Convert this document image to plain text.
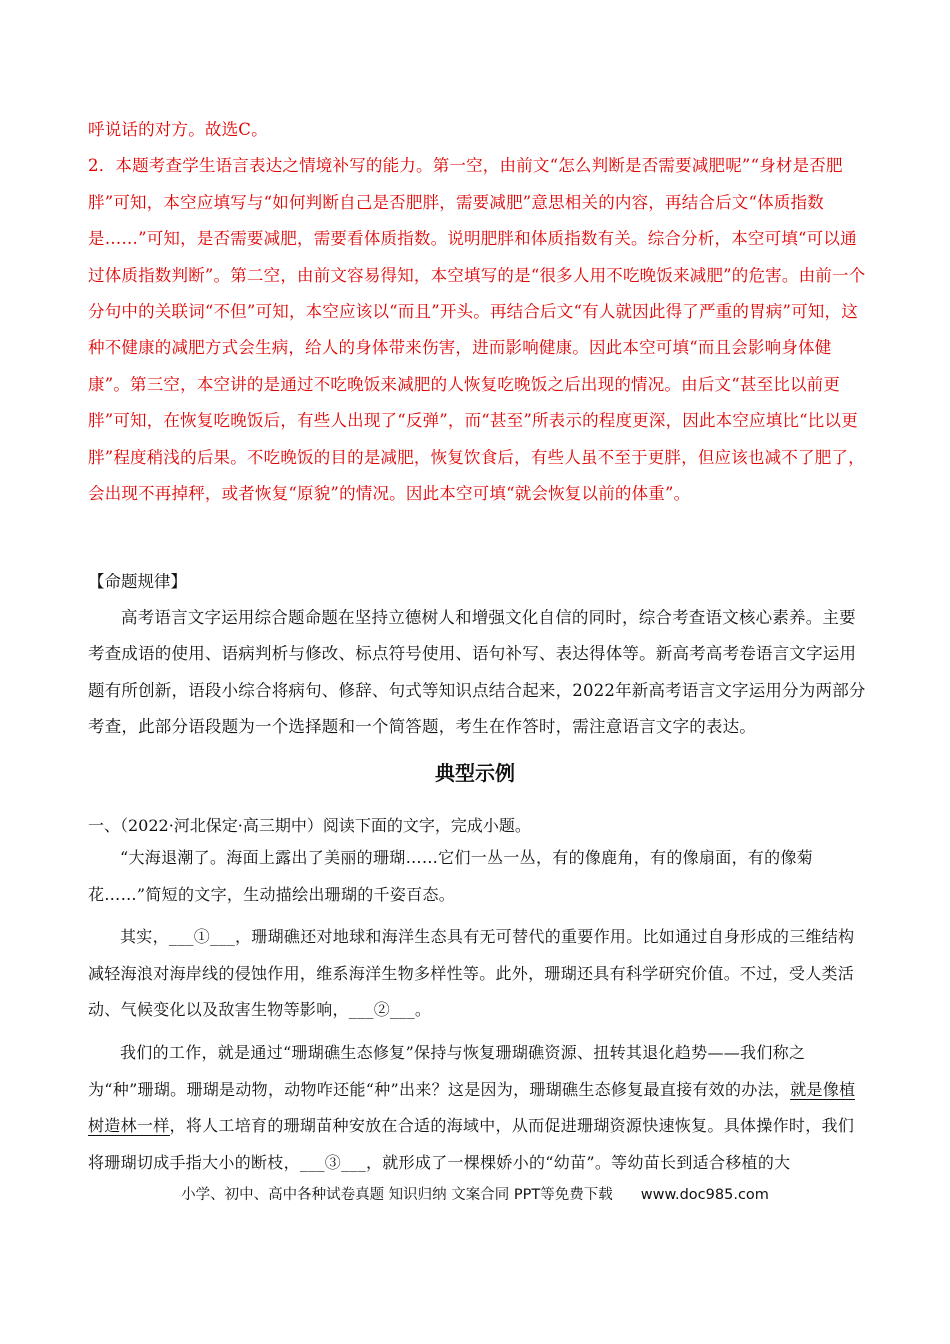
呼说话的对方。故选C。

2．本题考查学生语言表达之情境补写的能力。第一空，由前文“怎么判断是否需要减肥呢”“身材是否肥胖”可知，本空应填写与“如何判断自己是否肥胖，需要减肥”意思相关的内容，再结合后文“体质指数是……”可知，是否需要减肥，需要看体质指数。说明肥胖和体质指数有关。综合分析，本空可填“可以通过体质指数判断”。第二空，由前文容易得知，本空填写的是“很多人用不吃晚饭来减肥”的危害。由前一个分句中的关联词“不但”可知，本空应该以“而且”开头。再结合后文“有人就因此得了严重的胃病”可知，这种不健康的减肥方式会生病，给人的身体带来伤害，进而影响健康。因此本空可填“而且会影响身体健康”。第三空，本空讲的是通过不吃晚饭来减肥的人恢复吃晚饭之后出现的情况。由后文“甚至比以前更胖”可知，在恢复吃晚饭后，有些人出现了“反弹”，而“甚至”所表示的程度更深，因此本空应填比“比以更胖”程度稍浅的后果。不吃晚饭的目的是减肥，恢复饮食后，有些人虽不至于更胖，但应该也减不了肥了，会出现不再掉秤，或者恢复“原貌”的情况。因此本空可填“就会恢复以前的体重”。

【命题规律】
高考语言文字运用综合题命题在坚持立德树人和增强文化自信的同时，综合考查语文核心素养。主要考查成语的使用、语病判析与修改、标点符号使用、语句补写、表达得体等。新高考高考卷语言文字运用题有所创新，语段小综合将病句、修辞、句式等知识点结合起来，2022年新高考语言文字运用分为两部分考查，此部分语段题为一个选择题和一个简答题，考生在作答时，需注意语言文字的表达。
典型示例
一、（2022·河北保定·高三期中）阅读下面的文字，完成小题。

“大海退潮了。海面上露出了美丽的珊瑚……它们一丛一丛，有的像鹿角，有的像扇面，有的像菊花……”简短的文字，生动描绘出珊瑚的千姿百态。

其实，___①___，珊瑚礁还对地球和海洋生态具有无可替代的重要作用。比如通过自身形成的三维结构减轻海浪对海岸线的侵蚀作用，维系海洋生物多样性等。此外，珊瑚还具有科学研究价值。不过，受人类活动、气候变化以及敌害生物等影响，___②___。

我们的工作，就是通过“珊瑚礁生态修复”保持与恢复珊瑚礁资源、扭转其退化趋势——我们称之为“种”珊瑚。珊瑚是动物，动物咋还能“种”出来？这是因为，珊瑚礁生态修复最直接有效的办法，就是像植树造林一样，将人工培育的珊瑚苗种安放在合适的海域中，从而促进珊瑚资源快速恢复。具体操作时，我们将珊瑚切成手指大小的断枝，___③___，就形成了一棵棵娇小的“幼苗”。等幼苗长到适合移植的大

小学、初中、高中各种试卷真题 知识归纳 文案合同 PPT等免费下载 www.doc985.com
